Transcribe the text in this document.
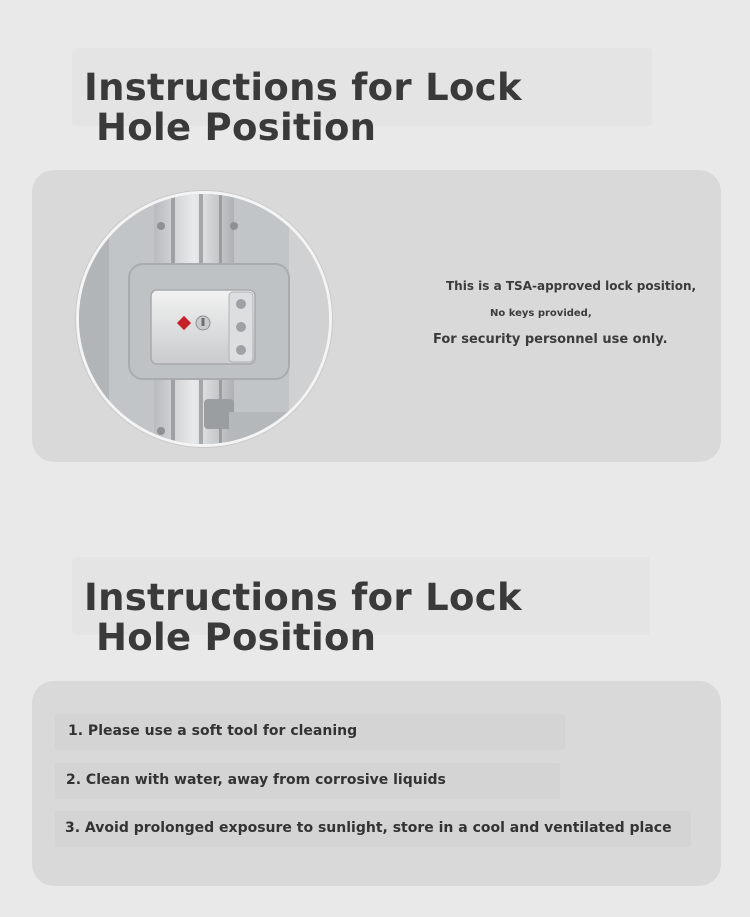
Instructions for Lock
Hole Position
This is a TSA-approved lock position,
No keys provided,
For security personnel use only.
Instructions for Lock
Hole Position
1. Please use a soft tool for cleaning
2. Clean with water, away from corrosive liquids
3. Avoid prolonged exposure to sunlight, store in a cool and ventilated place
